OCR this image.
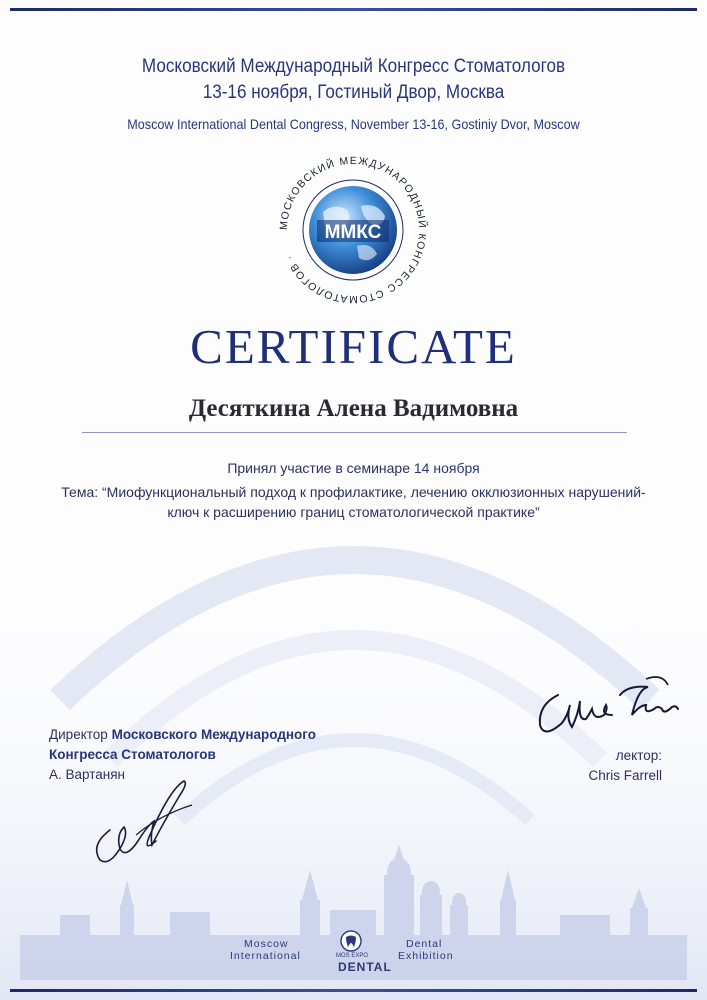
Московский Международный Конгресс Стоматологов
13-16 ноября, Гостиный Двор, Москва
Moscow International Dental Congress, November 13-16, Gostiniy Dvor, Moscow
ММКС
МОСКОВСКИЙ МЕЖДУНАРОДНЫЙ КОНГРЕСС СТОМАТОЛОГОВ ·
CERTIFICATE
Десяткина Алена Вадимовна
Принял участие в семинаре 14 ноября
Тема: “Миофункциональный подход к профилактике, лечению окклюзионных нарушений-
ключ к расширению границ стоматологической практике”
Директор Московского Международного
Конгресса Стоматологов
А. Вартанян
лектор:
Chris Farrell
Moscow
International	MOS EXPO
DENTAL
Dental
Exhibition
